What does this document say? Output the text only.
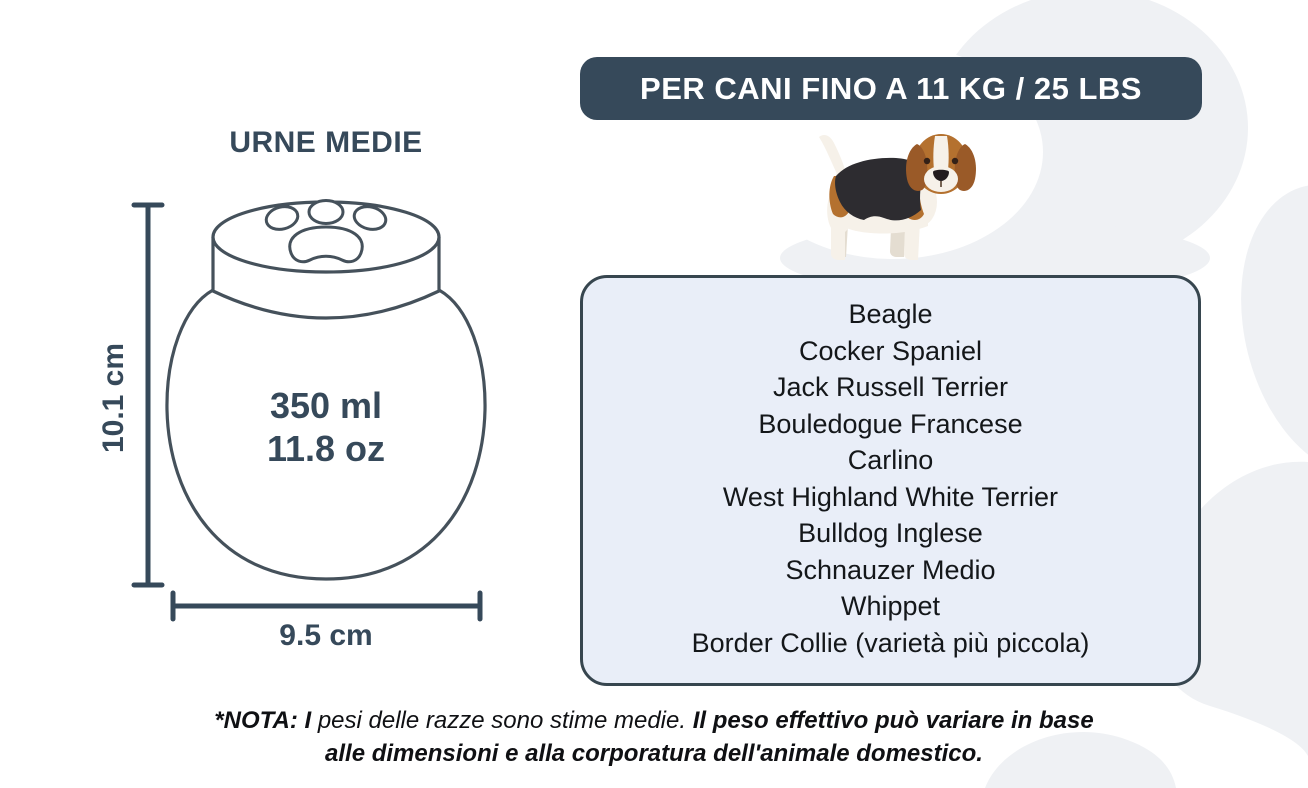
URNE MEDIE
350 ml
11.8 oz
10.1 cm
9.5 cm
PER CANI FINO A 11 KG / 25 LBS
Beagle
Cocker Spaniel
Jack Russell Terrier
Bouledogue Francese
Carlino
West Highland White Terrier
Bulldog Inglese
Schnauzer Medio
Whippet
Border Collie (varietà più piccola)
*NOTA: I pesi delle razze sono stime medie. Il peso effettivo può variare in base
alle dimensioni e alla corporatura dell'animale domestico.
